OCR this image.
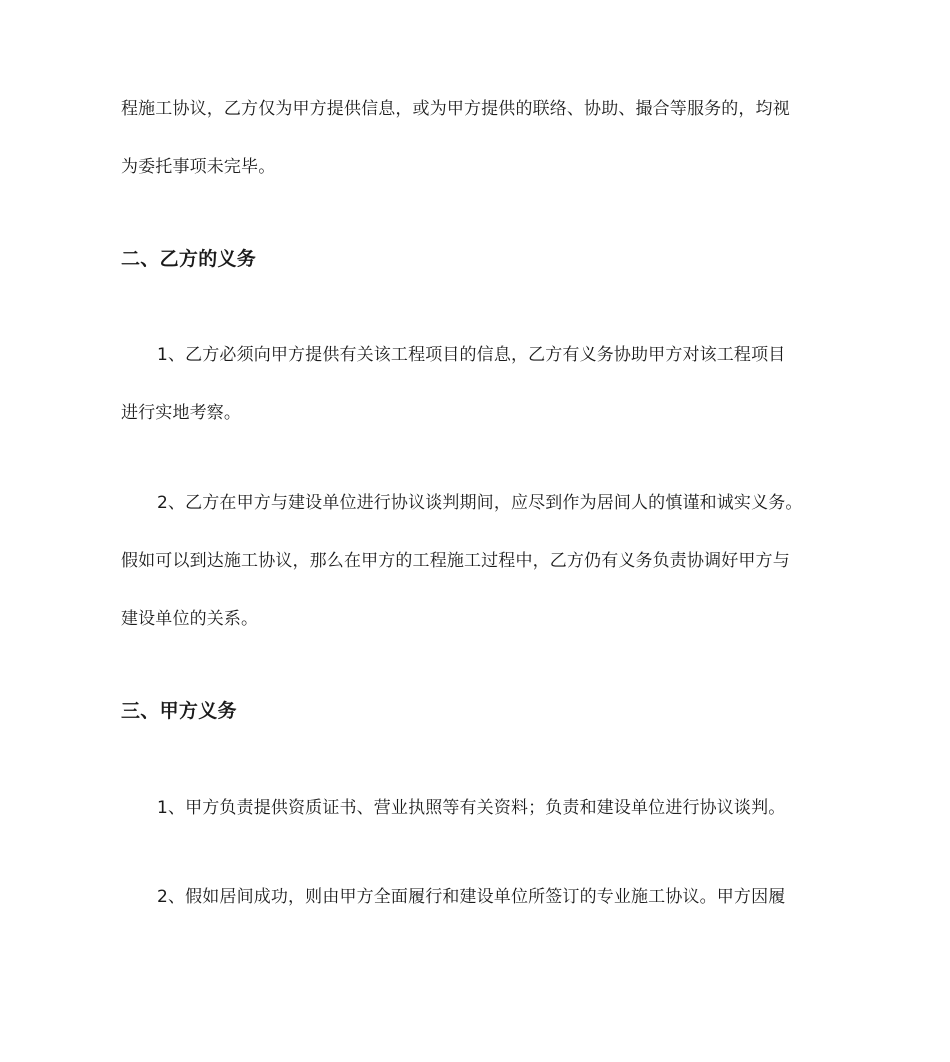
程施工协议，乙方仅为甲方提供信息，或为甲方提供的联络、协助、撮合等服务的，均视
为委托事项未完毕。
二、乙方的义务
1、乙方必须向甲方提供有关该工程项目的信息，乙方有义务协助甲方对该工程项目
进行实地考察。
2、乙方在甲方与建设单位进行协议谈判期间，应尽到作为居间人的慎谨和诚实义务。
假如可以到达施工协议，那么在甲方的工程施工过程中，乙方仍有义务负责协调好甲方与
建设单位的关系。
三、甲方义务
1、甲方负责提供资质证书、营业执照等有关资料；负责和建设单位进行协议谈判。
2、假如居间成功，则由甲方全面履行和建设单位所签订的专业施工协议。甲方因履
